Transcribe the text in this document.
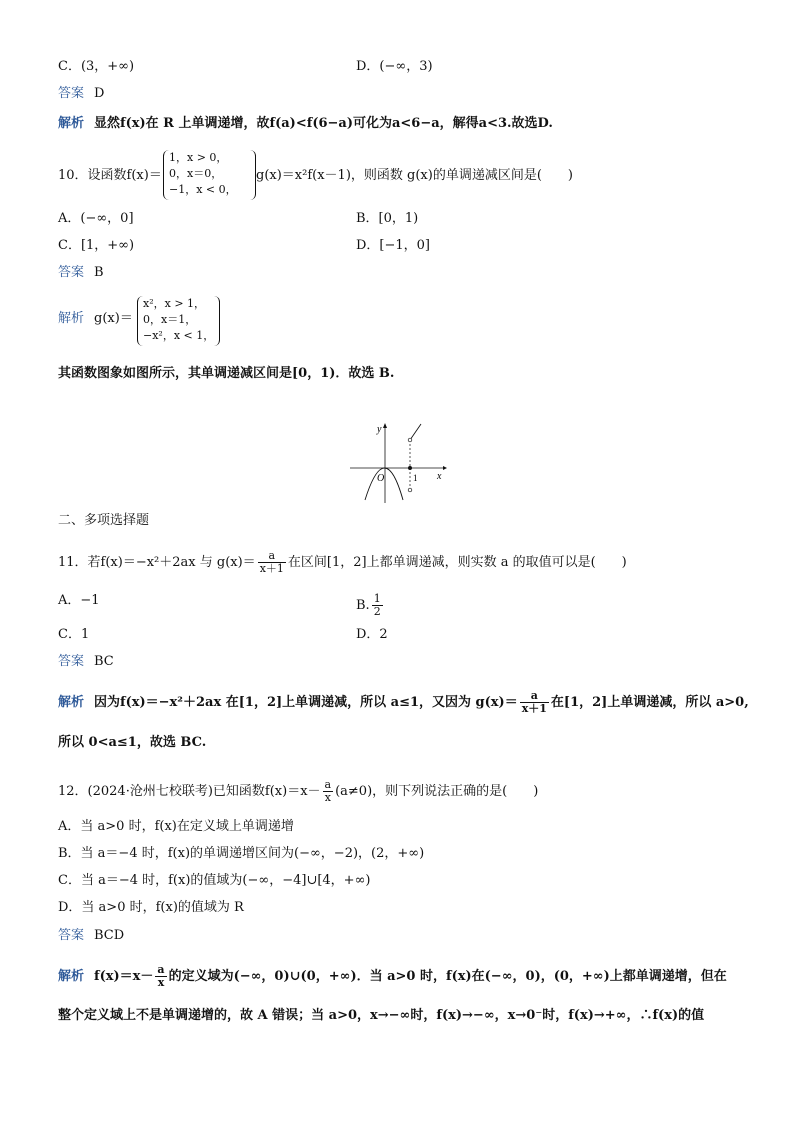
C．(3，+∞)	D．(−∞，3)
答案 D
解析 显然f(x)在 R 上单调递增，故f(a)<f(6−a)可化为a<6−a，解得a<3.故选D.
10．设函数f(x)＝
1，x > 0，
0，x＝0，
−1，x < 0，
g(x)＝x²f(x－1)，则函数 g(x)的单调递减区间是(　　)
A．(−∞，0]	B．[0，1)
C．[1，+∞)	D．[−1，0]
答案 B
解析 g(x)＝
x²，x > 1，
0，x＝1，
−x²，x < 1，
其函数图象如图所示，其单调递减区间是[0，1)．故选 B.
y
x
O	1
二、多项选择题
11．若f(x)＝−x²＋2ax 与 $g(x)= \frac{a}{x+1}$ 在区间[1，2]上都单调递减，则实数 a 的取值可以是(　　)
A．−1	B. $\frac{1}{2}$
C．1	D．2
答案 BC
解析 因为f(x)＝−x²＋2ax 在[1，2]上单调递减，所以 a≤1，又因为 $g(x)= \frac{a}{x+1}$ 在[1，2]上单调递减，所以 a>0,
所以 0<a≤1，故选 BC.
12．(2024·沧州七校联考)已知函数$f(x)=x- \frac{a}{x} (a\ne 0)$，则下列说法正确的是(　　)
A．当 a>0 时，f(x)在定义域上单调递增
B．当 a＝−4 时，f(x)的单调递增区间为(−∞，−2)，(2，+∞)
C．当 a＝−4 时，f(x)的值域为(−∞，−4]∪[4，+∞)
D．当 a>0 时，f(x)的值域为 R
答案 BCD
解析 $f(x)=x- \frac{a}{x}$ 的定义域为(−∞，0)∪(0，+∞)．当 a>0 时，f(x)在(−∞，0)，(0，+∞)上都单调递增，但在
整个定义域上不是单调递增的，故 A 错误；当 a>0，x→−∞时，f(x)→−∞，x→0⁻时，f(x)→+∞，∴f(x)的值
